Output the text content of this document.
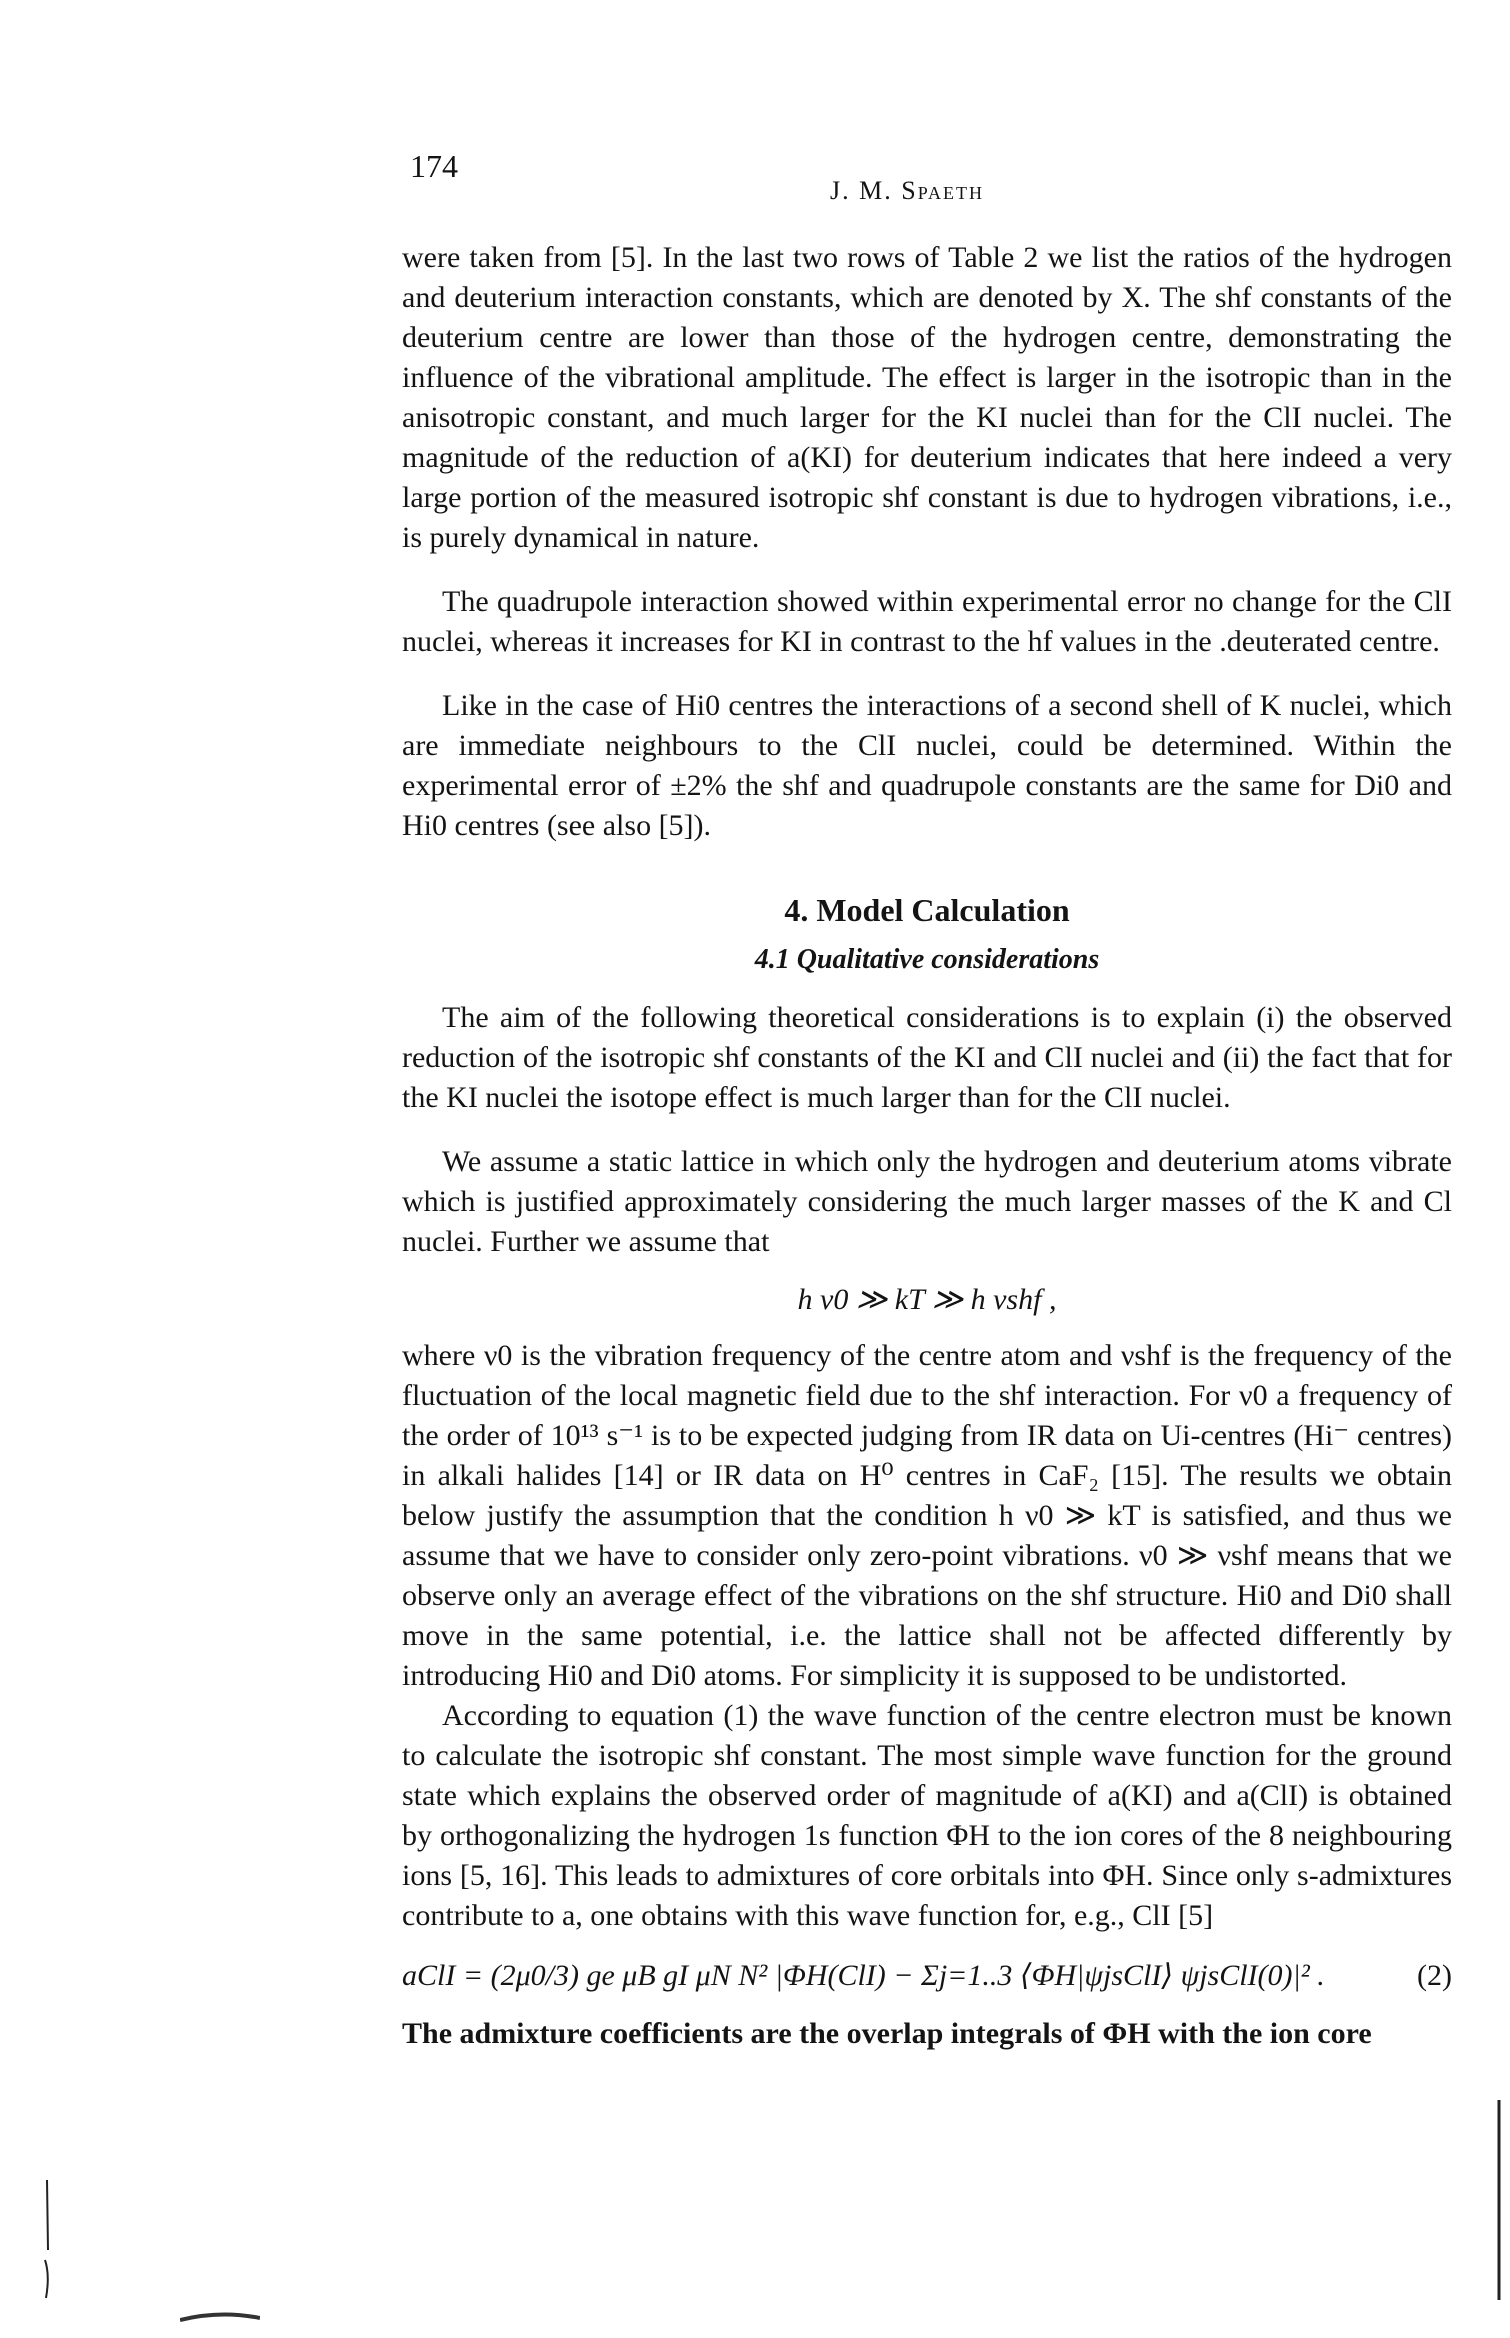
174
J. M. Spaeth

were taken from [5]. In the last two rows of Table 2 we list the ratios of the hydrogen and deuterium interaction constants, which are denoted by X. The shf constants of the deuterium centre are lower than those of the hydrogen centre, demonstrating the influence of the vibrational amplitude. The effect is larger in the isotropic than in the anisotropic constant, and much larger for the KI nuclei than for the ClI nuclei. The magnitude of the reduction of a(KI) for deuterium indicates that here indeed a very large portion of the measured isotropic shf constant is due to hydrogen vibrations, i.e., is purely dynamical in nature.

The quadrupole interaction showed within experimental error no change for the ClI nuclei, whereas it increases for KI in contrast to the hf values in the .deuterated centre.

Like in the case of Hi0 centres the interactions of a second shell of K nuclei, which are immediate neighbours to the ClI nuclei, could be determined. Within the experimental error of ±2% the shf and quadrupole constants are the same for Di0 and Hi0 centres (see also [5]).

4. Model Calculation
4.1 Qualitative considerations

The aim of the following theoretical considerations is to explain (i) the observed reduction of the isotropic shf constants of the KI and ClI nuclei and (ii) the fact that for the KI nuclei the isotope effect is much larger than for the ClI nuclei.

We assume a static lattice in which only the hydrogen and deuterium atoms vibrate which is justified approximately considering the much larger masses of the K and Cl nuclei. Further we assume that

h ν0 ≫ kT ≫ h νshf ,

where ν0 is the vibration frequency of the centre atom and νshf is the frequency of the fluctuation of the local magnetic field due to the shf interaction. For ν0 a frequency of the order of 10¹³ s⁻¹ is to be expected judging from IR data on Ui-centres (Hi⁻ centres) in alkali halides [14] or IR data on H⁰ centres in CaF₂ [15]. The results we obtain below justify the assumption that the condition h ν0 ≫ kT is satisfied, and thus we assume that we have to consider only zero-point vibrations. ν0 ≫ νshf means that we observe only an average effect of the vibrations on the shf structure. Hi0 and Di0 shall move in the same potential, i.e. the lattice shall not be affected differently by introducing Hi0 and Di0 atoms. For simplicity it is supposed to be undistorted.

According to equation (1) the wave function of the centre electron must be known to calculate the isotropic shf constant. The most simple wave function for the ground state which explains the observed order of magnitude of a(KI) and a(ClI) is obtained by orthogonalizing the hydrogen 1s function ΦH to the ion cores of the 8 neighbouring ions [5, 16]. This leads to admixtures of core orbitals into ΦH. Since only s-admixtures contribute to a, one obtains with this wave function for, e.g., ClI [5]

aClI = (2μ0/3) ge μB gI μN N² |ΦH(ClI) − Σj=1..3 ⟨ΦH|ψjsClI⟩ ψjsClI(0)|² .	(2)

The admixture coefficients are the overlap integrals of ΦH with the ion core
